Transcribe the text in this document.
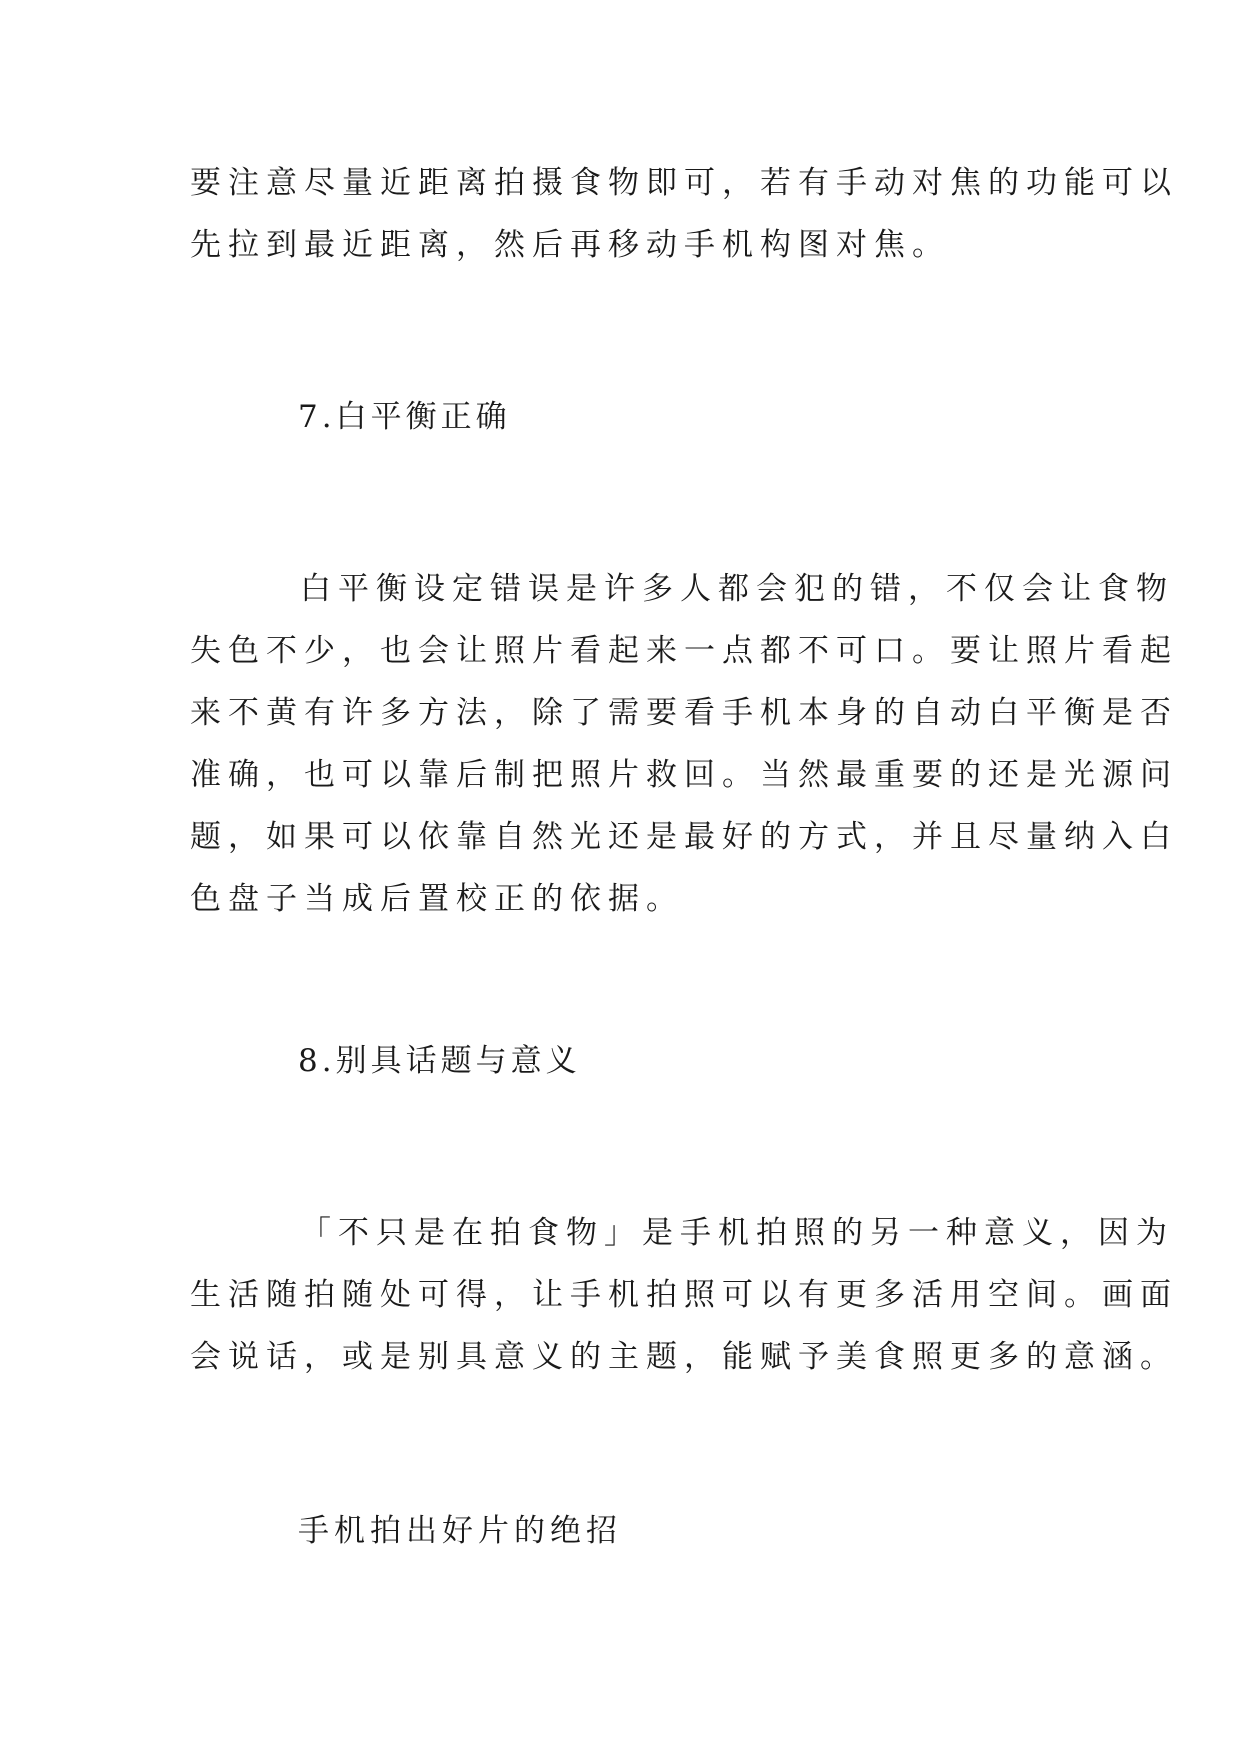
要注意尽量近距离拍摄食物即可，若有手动对焦的功能可以
先拉到最近距离，然后再移动手机构图对焦。
7.白平衡正确
白平衡设定错误是许多人都会犯的错，不仅会让食物
失色不少，也会让照片看起来一点都不可口。要让照片看起
来不黄有许多方法，除了需要看手机本身的自动白平衡是否
准确，也可以靠后制把照片救回。当然最重要的还是光源问
题，如果可以依靠自然光还是最好的方式，并且尽量纳入白
色盘子当成后置校正的依据。
8.别具话题与意义
「不只是在拍食物」是手机拍照的另一种意义，因为
生活随拍随处可得，让手机拍照可以有更多活用空间。画面
会说话，或是别具意义的主题，能赋予美食照更多的意涵。
手机拍出好片的绝招
